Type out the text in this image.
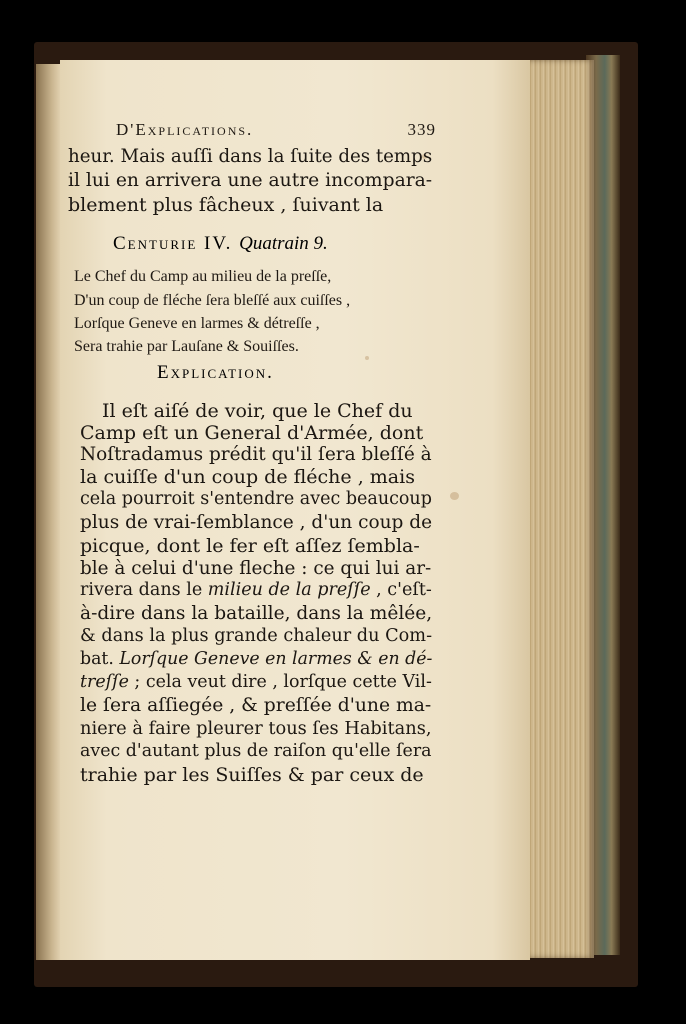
D'Explications.	339
heur. Mais auſſi dans la ſuite des temps
il lui en arrivera une autre incompara-
blement plus fâcheux , ſuivant la
Centurie IV. Quatrain 9.
Le Chef du Camp au milieu de la preſſe,
D'un coup de fléche ſera bleſſé aux cuiſſes ,
Lorſque Geneve en larmes & détreſſe ,
Sera trahie par Lauſane & Souiſſes.
Explication.
Il eſt aiſé de voir, que le Chef du
Camp eſt un General d'Armée, dont
Noſtradamus prédit qu'il ſera bleſſé à
la cuiſſe d'un coup de fléche , mais
cela pourroit s'entendre avec beaucoup
plus de vrai-ſemblance , d'un coup de
picque, dont le fer eſt aſſez ſembla-
ble à celui d'une fleche : ce qui lui ar-
rivera dans le milieu de la preſſe , c'eſt-
à-dire dans la bataille, dans la mêlée,
& dans la plus grande chaleur du Com-
bat. Lorſque Geneve en larmes & en dé-
treſſe ; cela veut dire , lorſque cette Vil-
le ſera aſſiegée , & preſſée d'une ma-
niere à faire pleurer tous ſes Habitans,
avec d'autant plus de raiſon qu'elle ſera
trahie par les Suiſſes & par ceux de
